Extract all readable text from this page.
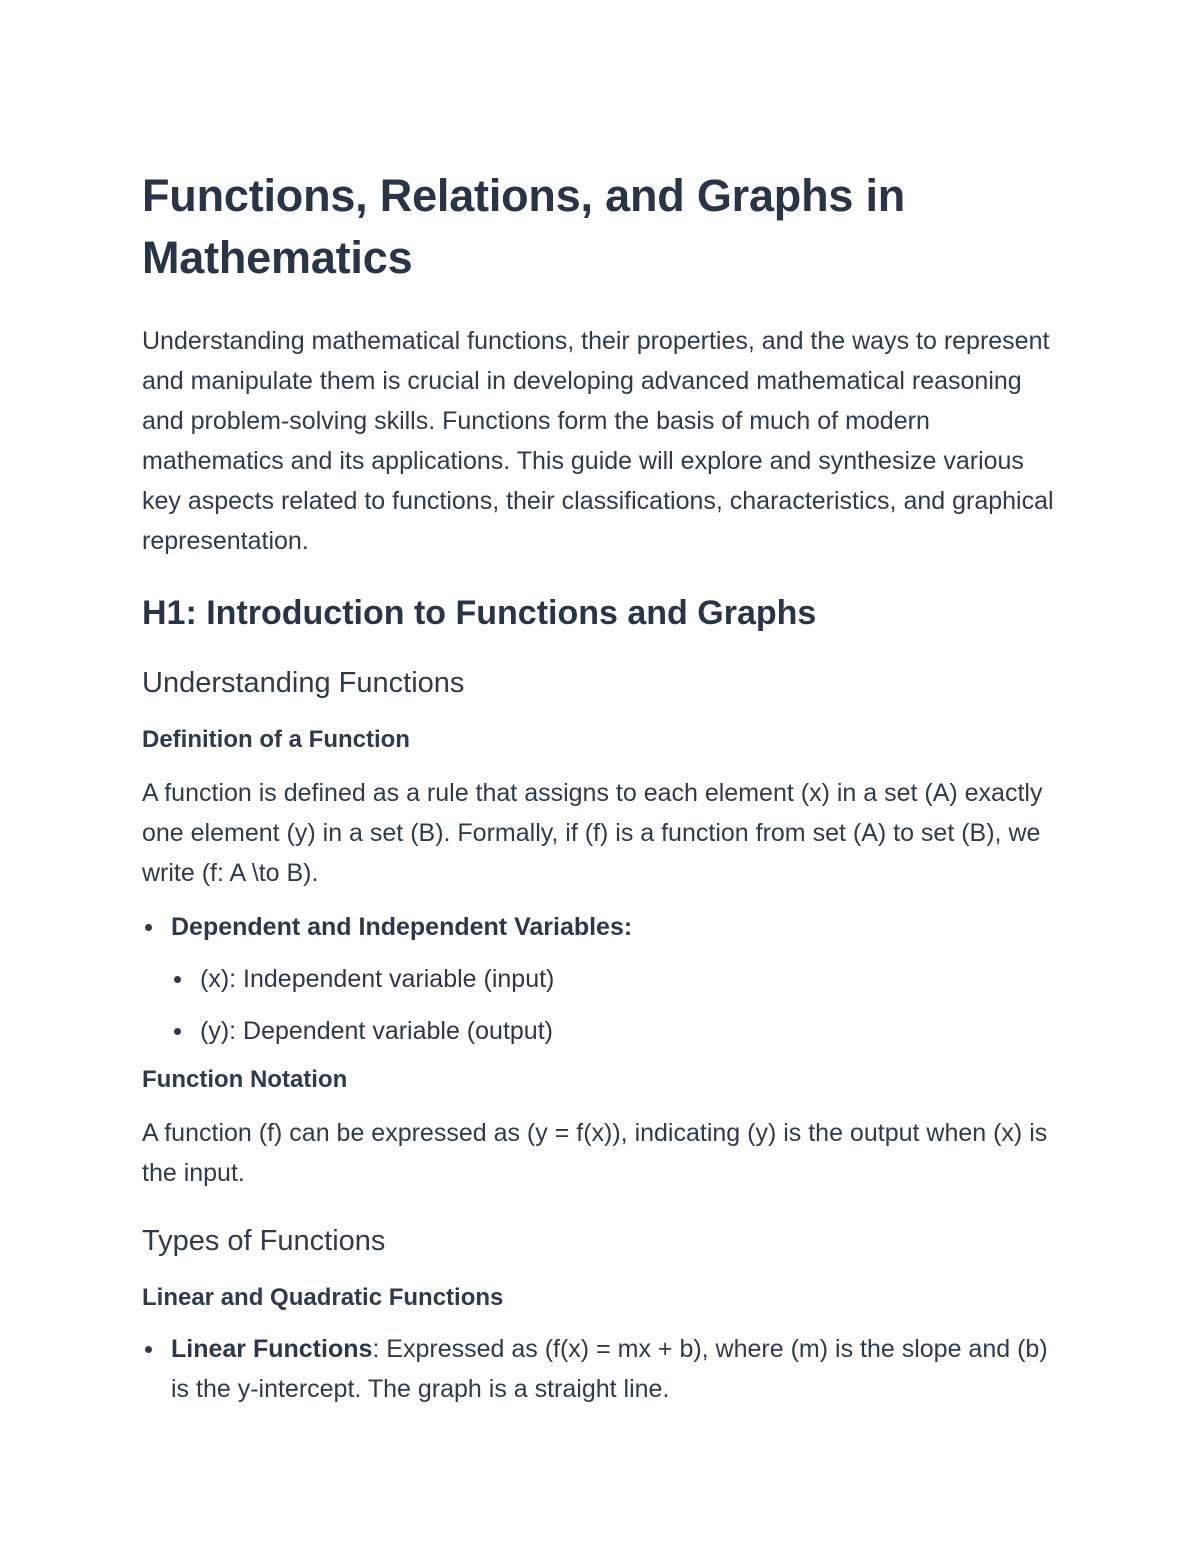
Functions, Relations, and Graphs in Mathematics

Understanding mathematical functions, their properties, and the ways to represent and manipulate them is crucial in developing advanced mathematical reasoning and problem-solving skills. Functions form the basis of much of modern mathematics and its applications. This guide will explore and synthesize various key aspects related to functions, their classifications, characteristics, and graphical representation.

H1: Introduction to Functions and Graphs
Understanding Functions
Definition of a Function

A function is defined as a rule that assigns to each element (x) in a set (A) exactly one element (y) in a set (B). Formally, if (f) is a function from set (A) to set (B), we write (f: A \to B).

Dependent and Independent Variables:
(x): Independent variable (input)
(y): Dependent variable (output)
Function Notation

A function (f) can be expressed as (y = f(x)), indicating (y) is the output when (x) is the input.

Types of Functions
Linear and Quadratic Functions
Linear Functions: Expressed as (f(x) = mx + b), where (m) is the slope and (b) is the y-intercept. The graph is a straight line.
